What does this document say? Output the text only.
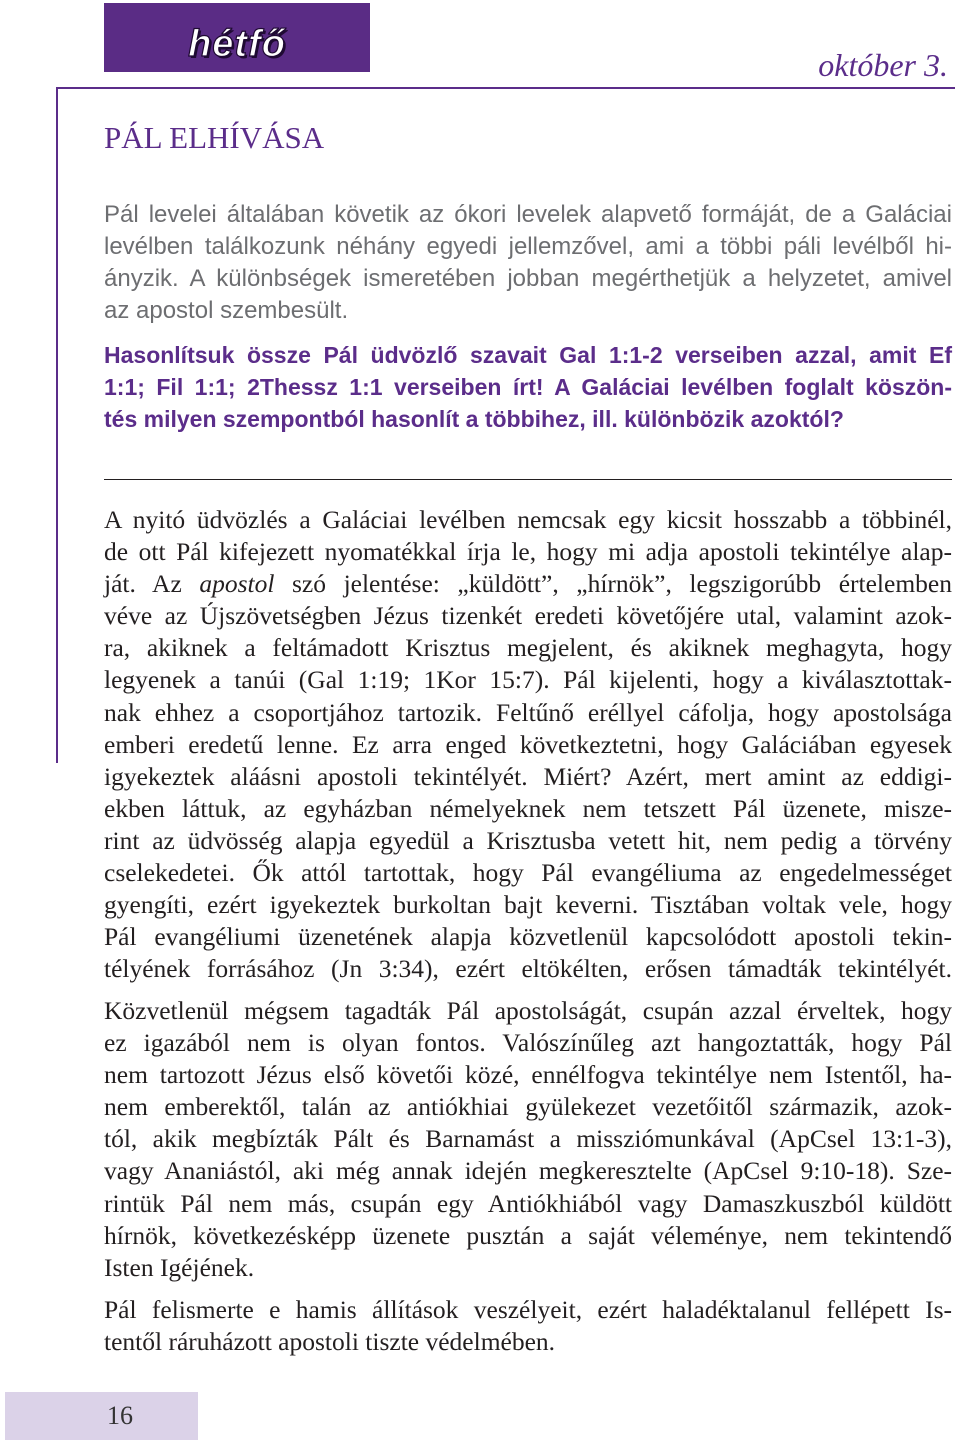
hétfő	október 3.
PÁL ELHÍVÁSA
Pál levelei általában követik az ókori levelek alapvető formáját, de a Galáciai
levélben találkozunk néhány egyedi jellemzővel, ami a többi páli levélből hi-
ányzik. A különbségek ismeretében jobban megérthetjük a helyzetet, amivel
az apostol szembesült.
Hasonlítsuk össze Pál üdvözlő szavait Gal 1:1-2 verseiben azzal, amit Ef
1:1; Fil 1:1; 2Thessz 1:1 verseiben írt! A Galáciai levélben foglalt köszön-
tés milyen szempontból hasonlít a többihez, ill. különbözik azoktól?
A nyitó üdvözlés a Galáciai levélben nemcsak egy kicsit hosszabb a többinél,
de ott Pál kifejezett nyomatékkal írja le, hogy mi adja apostoli tekintélye alap-
ját. Az apostol szó jelentése: „küldött”, „hírnök”, legszigorúbb értelemben
véve az Újszövetségben Jézus tizenkét eredeti követőjére utal, valamint azok-
ra, akiknek a feltámadott Krisztus megjelent, és akiknek meghagyta, hogy
legyenek a tanúi (Gal 1:19; 1Kor 15:7). Pál kijelenti, hogy a kiválasztottak-
nak ehhez a csoportjához tartozik. Feltűnő eréllyel cáfolja, hogy apostolsága
emberi eredetű lenne. Ez arra enged következtetni, hogy Galáciában egyesek
igyekeztek aláásni apostoli tekintélyét. Miért? Azért, mert amint az eddigi-
ekben láttuk, az egyházban némelyeknek nem tetszett Pál üzenete, misze-
rint az üdvösség alapja egyedül a Krisztusba vetett hit, nem pedig a törvény
cselekedetei. Ők attól tartottak, hogy Pál evangéliuma az engedelmességet
gyengíti, ezért igyekeztek burkoltan bajt keverni. Tisztában voltak vele, hogy
Pál evangéliumi üzenetének alapja közvetlenül kapcsolódott apostoli tekin-
télyének forrásához (Jn 3:34), ezért eltökélten, erősen támadták tekintélyét.
Közvetlenül mégsem tagadták Pál apostolságát, csupán azzal érveltek, hogy
ez igazából nem is olyan fontos. Valószínűleg azt hangoztatták, hogy Pál
nem tartozott Jézus első követői közé, ennélfogva tekintélye nem Istentől, ha-
nem emberektől, talán az antiókhiai gyülekezet vezetőitől származik, azok-
tól, akik megbízták Pált és Barnamást a missziómunkával (ApCsel 13:1-3),
vagy Ananiástól, aki még annak idején megkeresztelte (ApCsel 9:10-18). Sze-
rintük Pál nem más, csupán egy Antiókhiából vagy Damaszkuszból küldött
hírnök, következésképp üzenete pusztán a saját véleménye, nem tekintendő
Isten Igéjének.
Pál felismerte e hamis állítások veszélyeit, ezért haladéktalanul fellépett Is-
tentől ráruházott apostoli tiszte védelmében.
16
